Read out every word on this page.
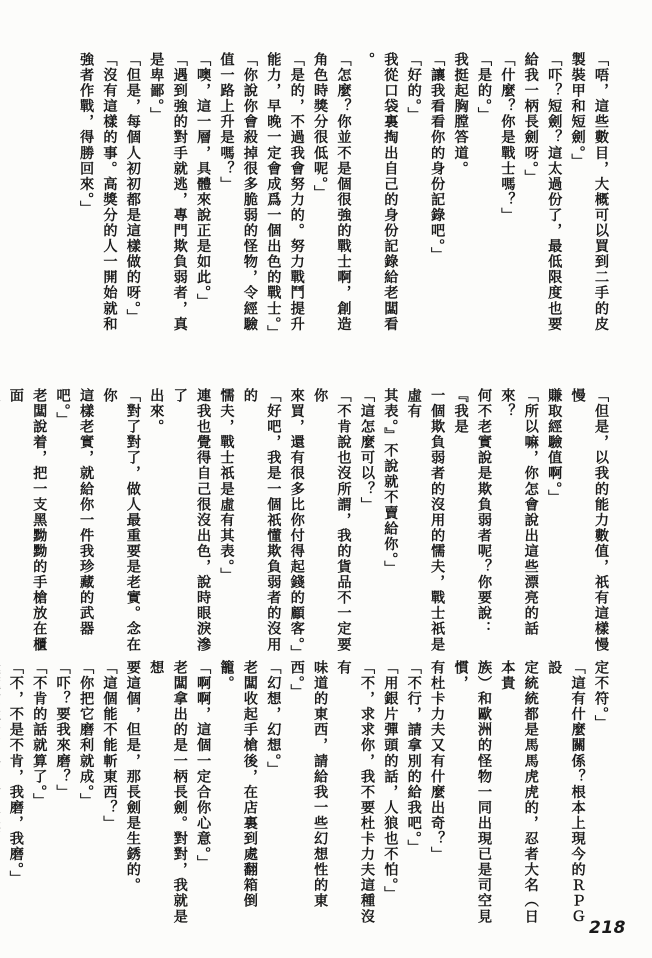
「唔，這些數目，大概可以買到二手的皮
製裝甲和短劍。」
「吓？短劍？這太過份了，最低限度也要
給我一柄長劍呀。」
「什麼？你是戰士嗎？」
「是的。」
我挺起胸膛答道。
「讓我看看你的身份記錄吧。」
「好的。」
我從口袋裏掏出自己的身份記錄給老闆看
。
「怎麼？你並不是個很強的戰士啊，創造
角色時獎分很低呢。」
「是的，不過我會努力的。努力戰鬥提升
能力，早晚一定會成爲一個出色的戰士。」
「你說你會殺掉很多脆弱的怪物，令經驗
值一路上升是嗎？」
「噢，這一層，具體來說正是如此。」
「遇到強的對手就逃，專門欺負弱者，真
是卑鄙。」
「但是，每個人初初都是這樣做的呀。」
「沒有這樣的事。高獎分的人一開始就和
強者作戰，得勝回來。」
「但是，以我的能力數值，祇有這樣慢慢
賺取經驗值啊。」
「所以嘛，你怎會說出這些漂亮的話來？
何不老實說是欺負弱者呢？你要說：『我是
一個欺負弱者的沒用的懦夫，戰士祇是虛有
其表。』不說就不賣給你。」
「這怎麼可以？」
「不肯說也沒所謂，我的貨品不一定要你
來買，還有很多比你付得起錢的顧客。」
「好吧，我是一個祇懂欺負弱者的沒用的
懦夫，戰士祇是虛有其表。」
連我也覺得自己很沒出色，說時眼淚滲了
出來。
「對了對了，做人最重要是老實。念在你
這樣老實，就給你一件我珍藏的武器吧。」
老闆說着，把一支黑黝黝的手槍放在櫃面
定不符。」
「這有什麼關係？根本上現今的ＲＰＧ設
定統統都是馬馬虎虎的，忍者大名（日本貴
族）和歐洲的怪物一同出現已是司空見慣，
有杜卡力夫又有什麼出奇？」
「不行，請拿別的給我吧。」
「用銀片彈頭的話，人狼也不怕。」
「不，求求你，我不要杜卡力夫這種沒有
味道的東西，請給我一些幻想性的東西。」
「幻想，幻想。」
老闆收起手槍後，在店裏到處翻箱倒籠。
「啊啊，這個一定合你心意。」
老闆拿出的是一柄長劍。對對，我就是想
要這個，但是，那長劍是生銹的。
「這個能不能斬東西？」
「你把它磨利就成。」
「吓？要我來磨？」
「不肯的話就算了。」
「不，不是不肯，我磨，我磨。」
218
